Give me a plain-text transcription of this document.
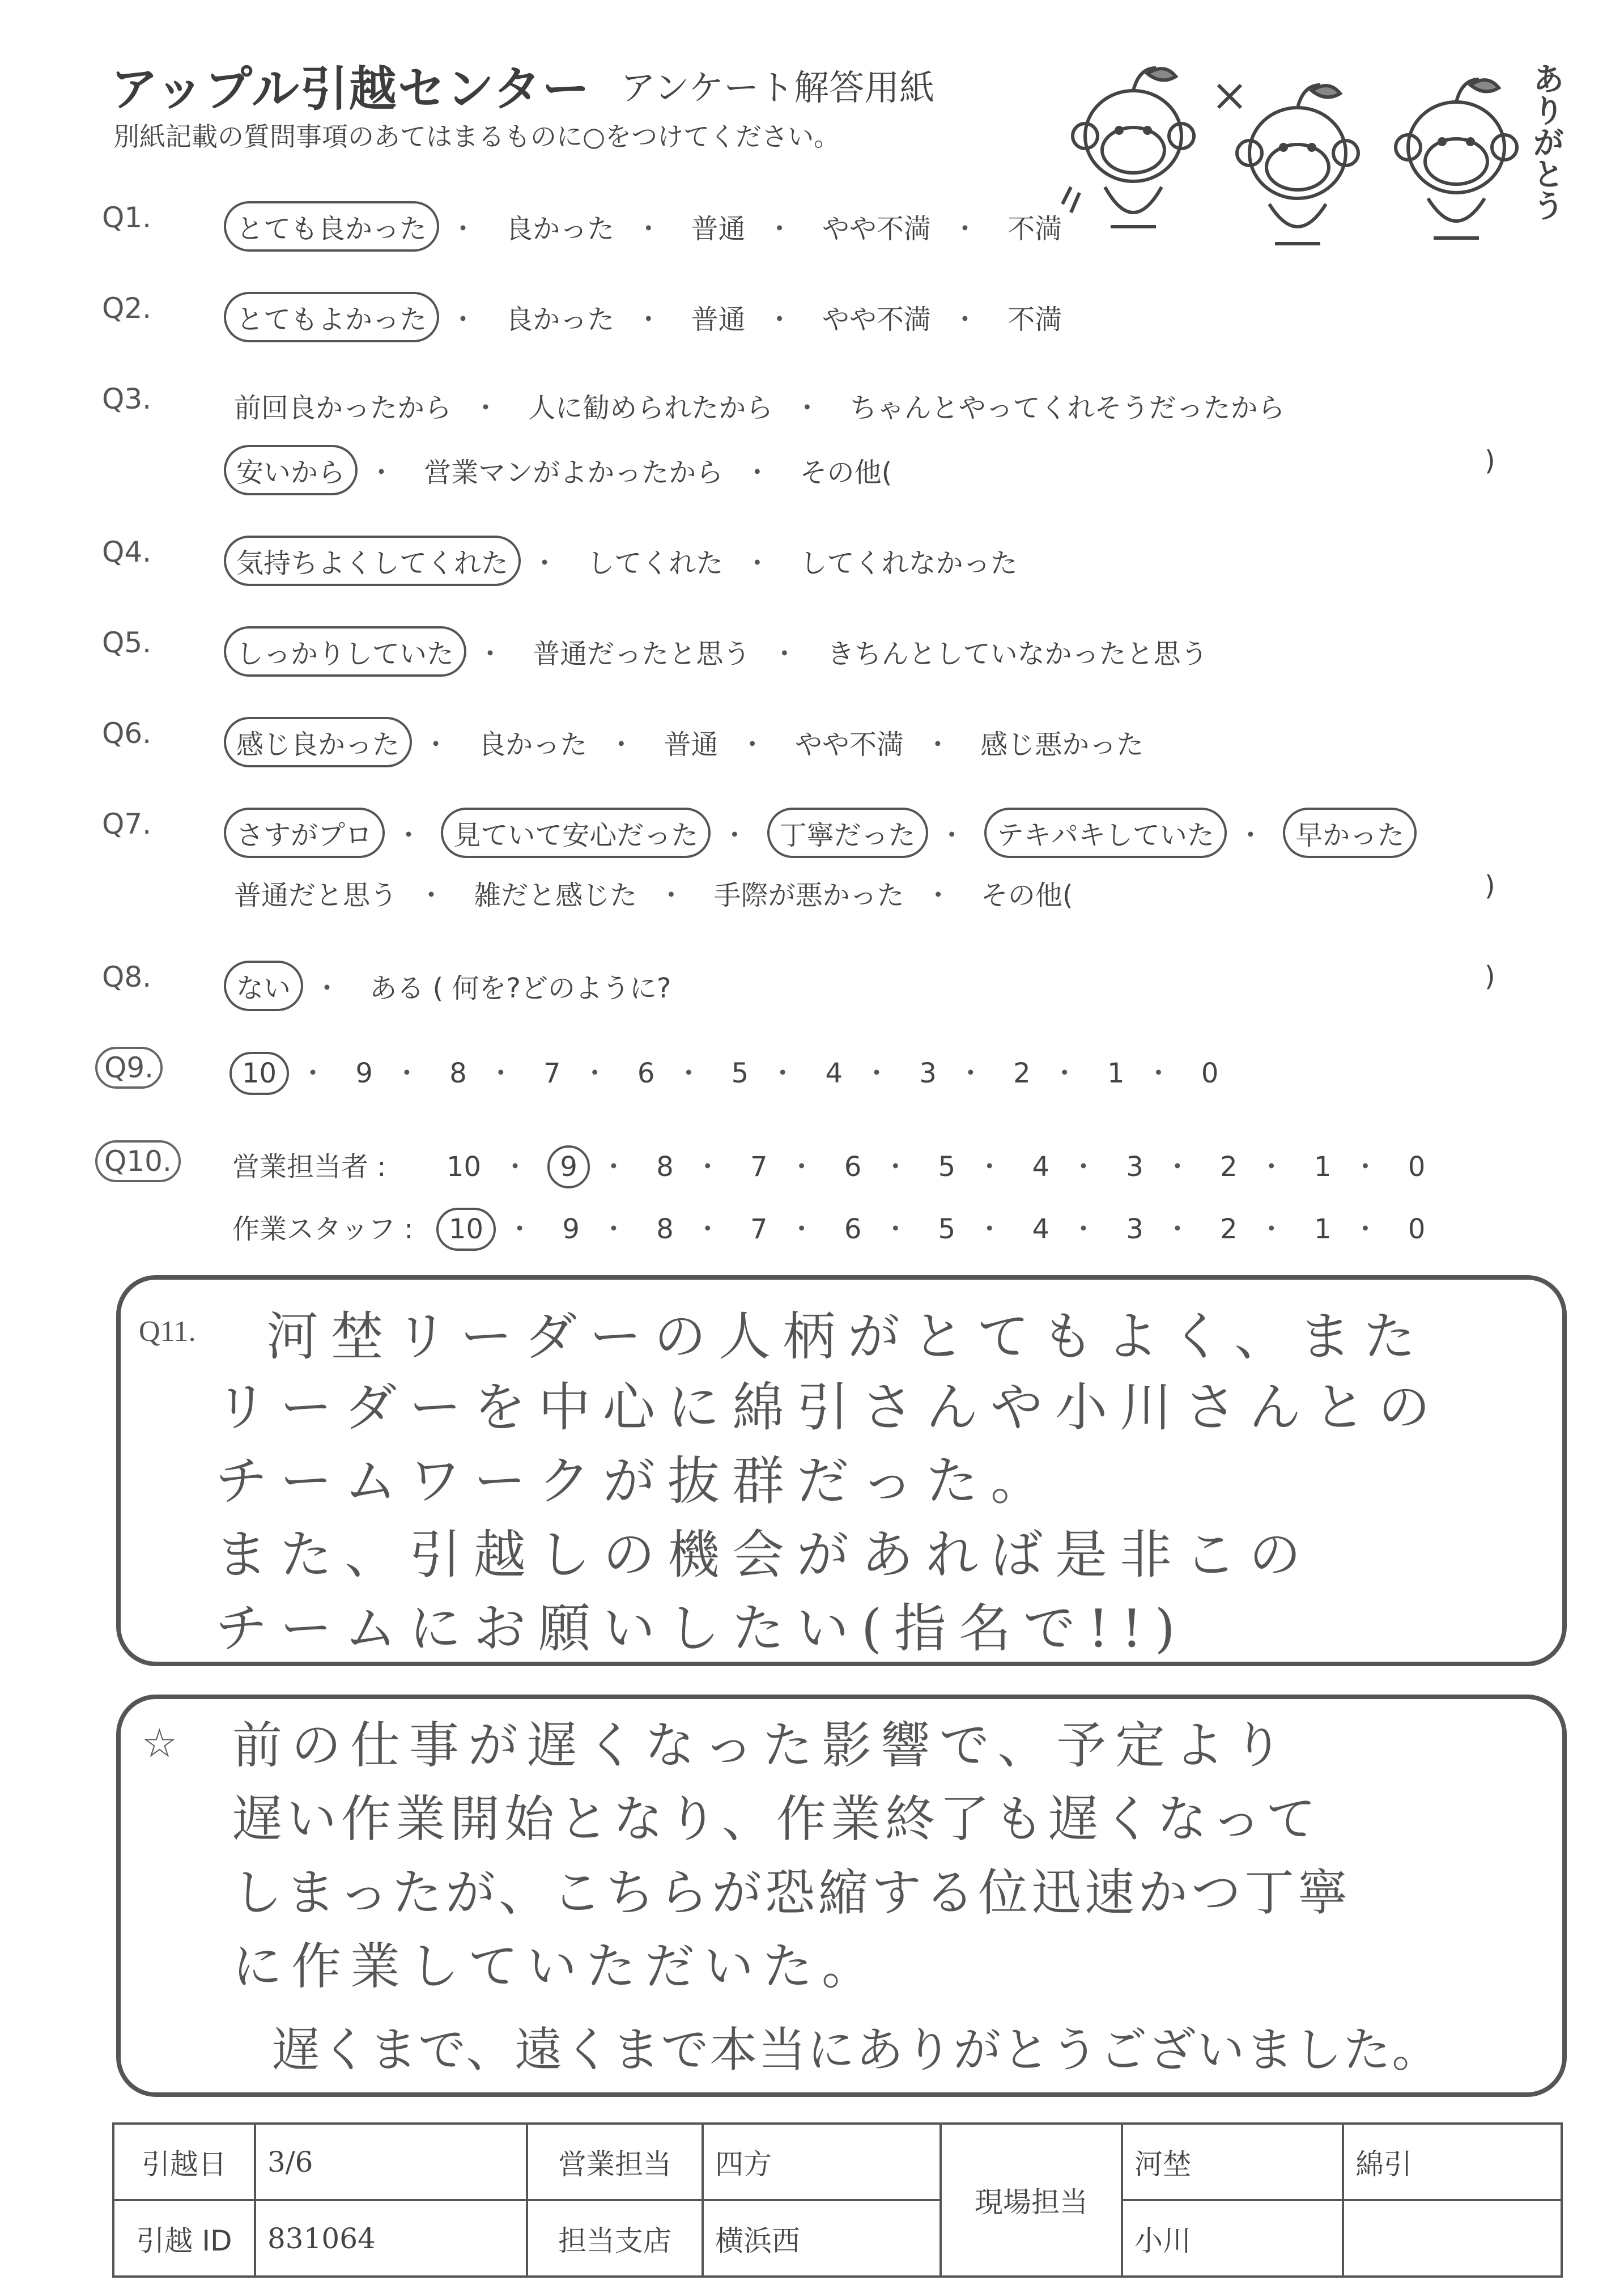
アップル引越センター アンケート解答用紙
別紙記載の質問事項のあてはまるものに○をつけてください。	ありがとう
Q1.	とても良かった ・ 良かった ・ 普通 ・ やや不満 ・ 不満
Q2.	とてもよかった ・ 良かった ・ 普通 ・ やや不満 ・ 不満
Q3.	前回良かったから ・ 人に勧められたから ・ ちゃんとやってくれそうだったから
安いから ・ 営業マンがよかったから ・ その他(	)
Q4.	気持ちよくしてくれた ・ してくれた ・ してくれなかった
Q5.	しっかりしていた ・ 普通だったと思う ・ きちんとしていなかったと思う
Q6.	感じ良かった ・ 良かった ・ 普通 ・ やや不満 ・ 感じ悪かった
Q7.	さすがプロ ・ 見ていて安心だった ・ 丁寧だった ・ テキパキしていた ・ 早かった
普通だと思う ・ 雑だと感じた ・ 手際が悪かった ・ その他(	)
Q8.	ない ・ ある ( 何を?どのように?	)
Q9.	10 ・ 9 ・ 8 ・ 7 ・ 6 ・ 5 ・ 4 ・ 3 ・ 2 ・ 1 ・ 0
Q10.	営業担当者 :	10 ・ 9 ・ 8 ・ 7 ・ 6 ・ 5 ・ 4 ・ 3 ・ 2 ・ 1 ・ 0
作業スタッフ :	10 ・ 9 ・ 8 ・ 7 ・ 6 ・ 5 ・ 4 ・ 3 ・ 2 ・ 1 ・ 0
Q11. 河埜リーダーの人柄がとてもよく、また
リーダーを中心に綿引さんや小川さんとの
チームワークが抜群だった。
また、引越しの機会があれば是非この
チームにお願いしたい(指名で!!)
☆ 前の仕事が遅くなった影響で、予定より
遅い作業開始となり、作業終了も遅くなって
しまったが、こちらが恐縮する位迅速かつ丁寧
に作業していただいた。
遅くまで、遠くまで本当にありがとうございました。
引越日	3/6	営業担当	四方	現場担当	河埜	綿引
引越 ID	831064	担当支店	横浜西		小川	
